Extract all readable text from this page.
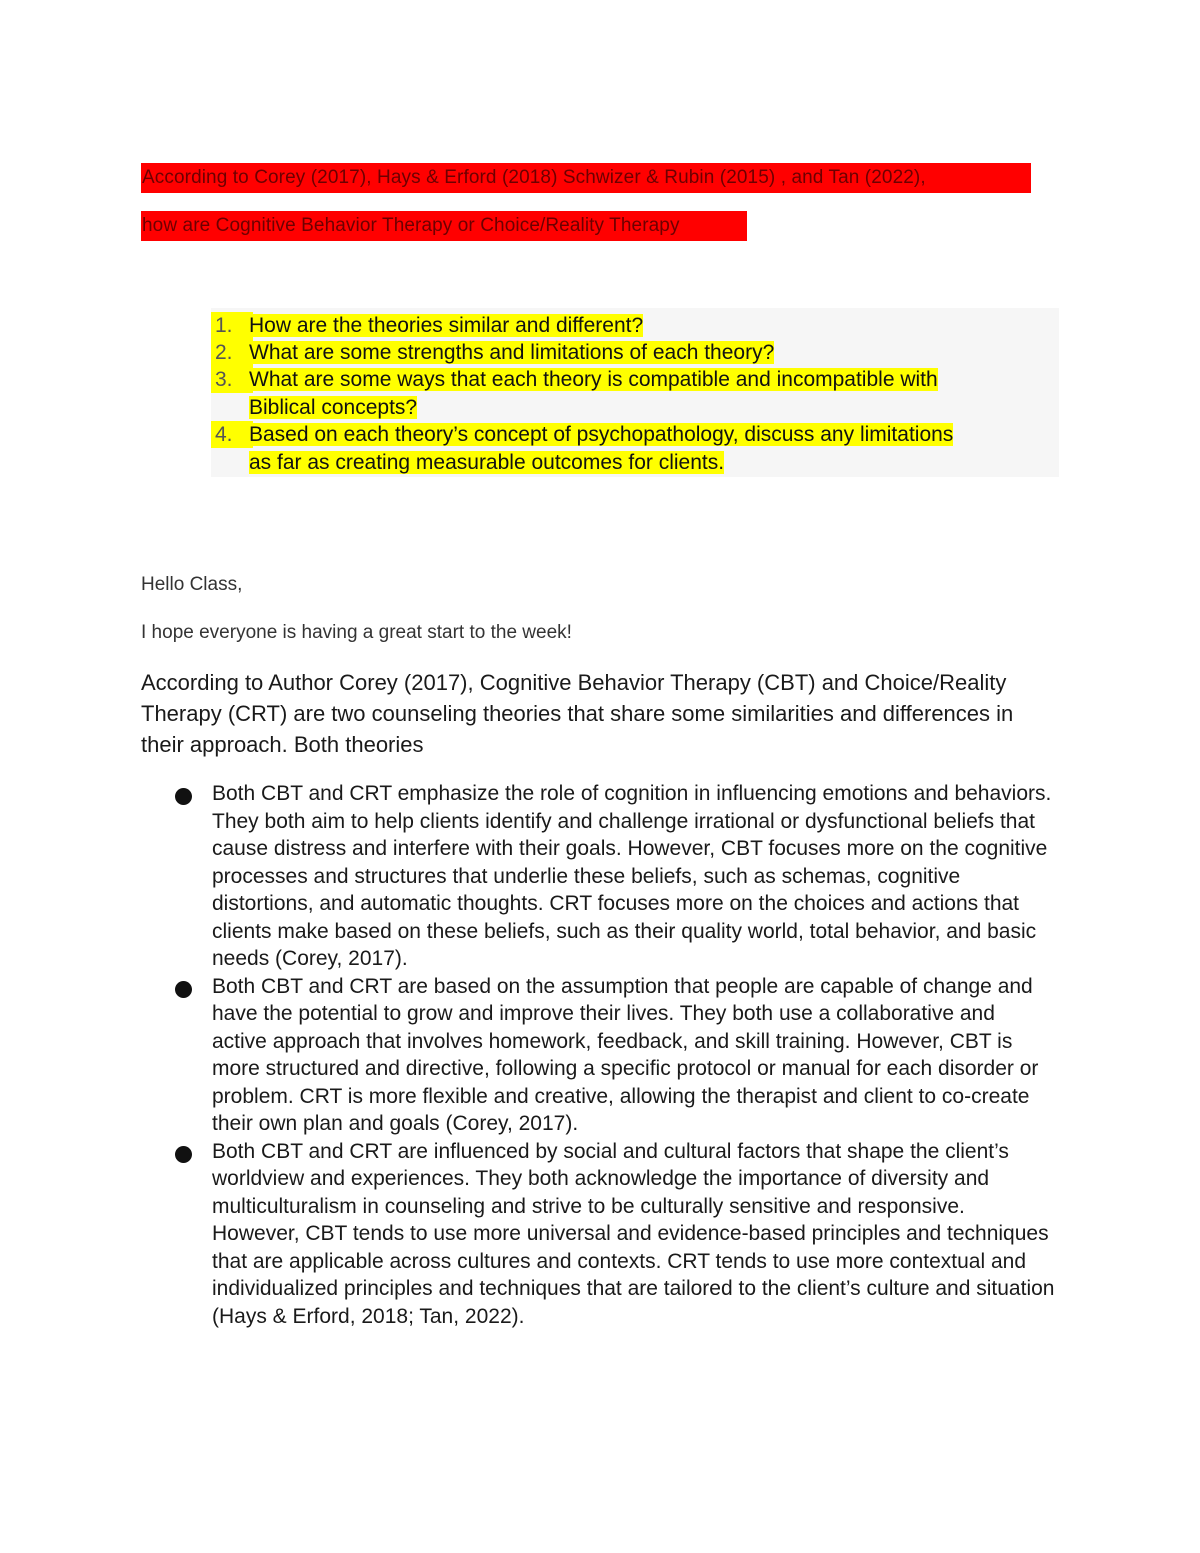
According to Corey (2017), Hays & Erford (2018) Schwizer & Rubin (2015) , and Tan (2022),
how are Cognitive Behavior Therapy or Choice/Reality Therapy
1. How are the theories similar and different?
2. What are some strengths and limitations of each theory?
3. What are some ways that each theory is compatible and incompatible with
Biblical concepts?
4. Based on each theory’s concept of psychopathology, discuss any limitations
as far as creating measurable outcomes for clients.
Hello Class,
I hope everyone is having a great start to the week!
According to Author Corey (2017), Cognitive Behavior Therapy (CBT) and Choice/Reality Therapy (CRT) are two counseling theories that share some similarities and differences in their approach. Both theories
Both CBT and CRT emphasize the role of cognition in influencing emotions and behaviors. They both aim to help clients identify and challenge irrational or dysfunctional beliefs that cause distress and interfere with their goals. However, CBT focuses more on the cognitive processes and structures that underlie these beliefs, such as schemas, cognitive distortions, and automatic thoughts. CRT focuses more on the choices and actions that clients make based on these beliefs, such as their quality world, total behavior, and basic needs (Corey, 2017).
Both CBT and CRT are based on the assumption that people are capable of change and have the potential to grow and improve their lives. They both use a collaborative and active approach that involves homework, feedback, and skill training. However, CBT is more structured and directive, following a specific protocol or manual for each disorder or problem. CRT is more flexible and creative, allowing the therapist and client to co-create their own plan and goals (Corey, 2017).
Both CBT and CRT are influenced by social and cultural factors that shape the client’s worldview and experiences. They both acknowledge the importance of diversity and multiculturalism in counseling and strive to be culturally sensitive and responsive. However, CBT tends to use more universal and evidence-based principles and techniques that are applicable across cultures and contexts. CRT tends to use more contextual and individualized principles and techniques that are tailored to the client’s culture and situation (Hays & Erford, 2018; Tan, 2022).
